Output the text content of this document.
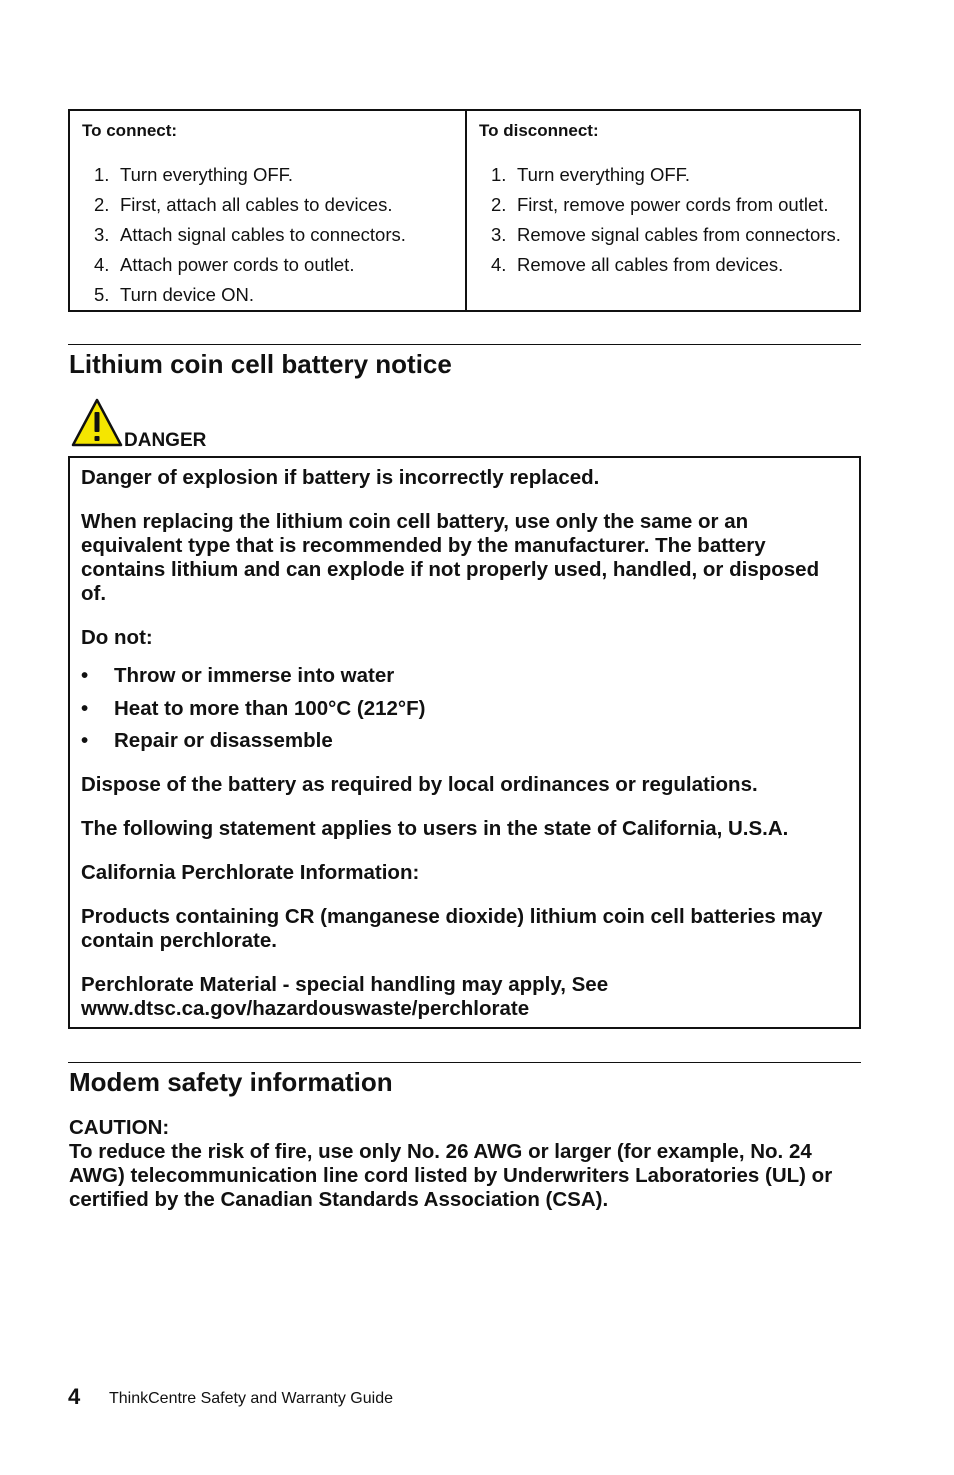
To connect:
1. Turn everything OFF.
2. First, attach all cables to devices.
3. Attach signal cables to connectors.
4. Attach power cords to outlet.
5. Turn device ON.
To disconnect:
1. Turn everything OFF.
2. First, remove power cords from outlet.
3. Remove signal cables from connectors.
4. Remove all cables from devices.
Lithium coin cell battery notice
DANGER

Danger of explosion if battery is incorrectly replaced.

When replacing the lithium coin cell battery, use only the same or an equivalent type that is recommended by the manufacturer. The battery contains lithium and can explode if not properly used, handled, or disposed of.

Do not:

• Throw or immerse into water
• Heat to more than 100°C (212°F)
• Repair or disassemble

Dispose of the battery as required by local ordinances or regulations.

The following statement applies to users in the state of California, U.S.A.

California Perchlorate Information:

Products containing CR (manganese dioxide) lithium coin cell batteries may contain perchlorate.

Perchlorate Material - special handling may apply, See www.dtsc.ca.gov/hazardouswaste/perchlorate

Modem safety information

CAUTION:

To reduce the risk of fire, use only No. 26 AWG or larger (for example, No. 24 AWG) telecommunication line cord listed by Underwriters Laboratories (UL) or certified by the Canadian Standards Association (CSA).

4 ThinkCentre Safety and Warranty Guide
